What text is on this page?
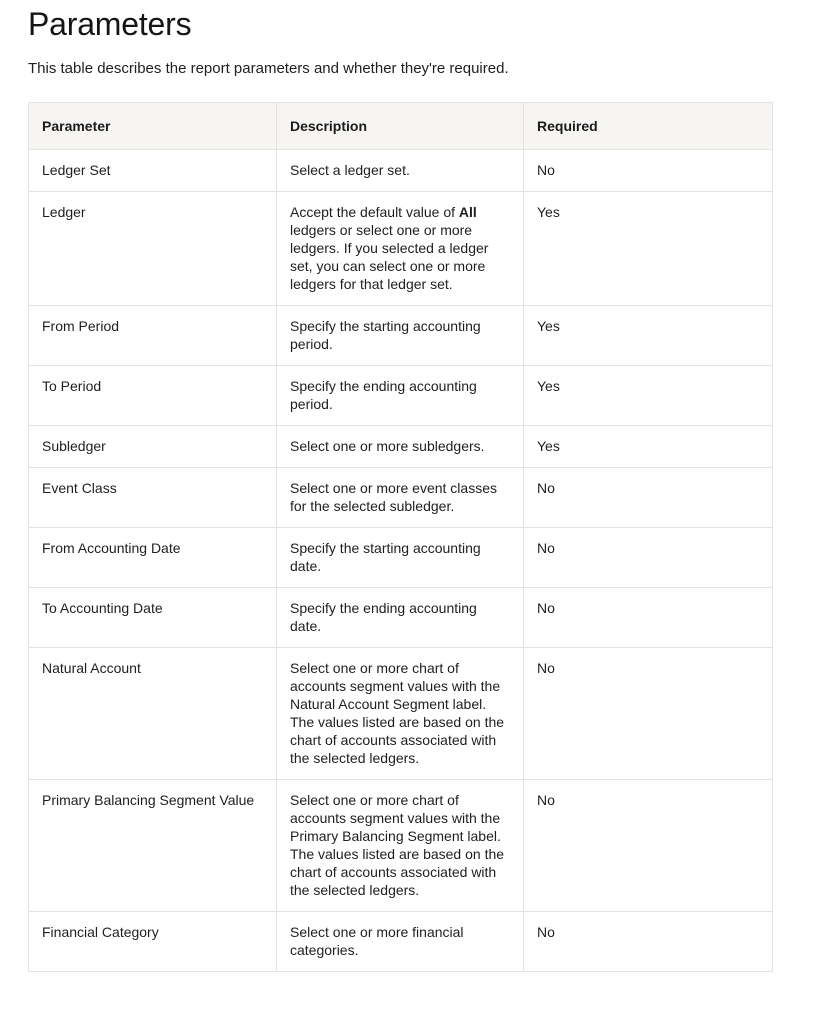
Parameters

This table describes the report parameters and whether they're required.

Parameter	Description	Required
Ledger Set	Select a ledger set.	No
Ledger	Accept the default value of All ledgers or select one or more ledgers. If you selected a ledger set, you can select one or more ledgers for that ledger set.	Yes
From Period	Specify the starting accounting period.	Yes
To Period	Specify the ending accounting period.	Yes
Subledger	Select one or more subledgers.	Yes
Event Class	Select one or more event classes for the selected subledger.	No
From Accounting Date	Specify the starting accounting date.	No
To Accounting Date	Specify the ending accounting date.	No
Natural Account	Select one or more chart of accounts segment values with the Natural Account Segment label. The values listed are based on the chart of accounts associated with the selected ledgers.	No
Primary Balancing Segment Value	Select one or more chart of accounts segment values with the Primary Balancing Segment label. The values listed are based on the chart of accounts associated with the selected ledgers.	No
Financial Category	Select one or more financial categories.	No
